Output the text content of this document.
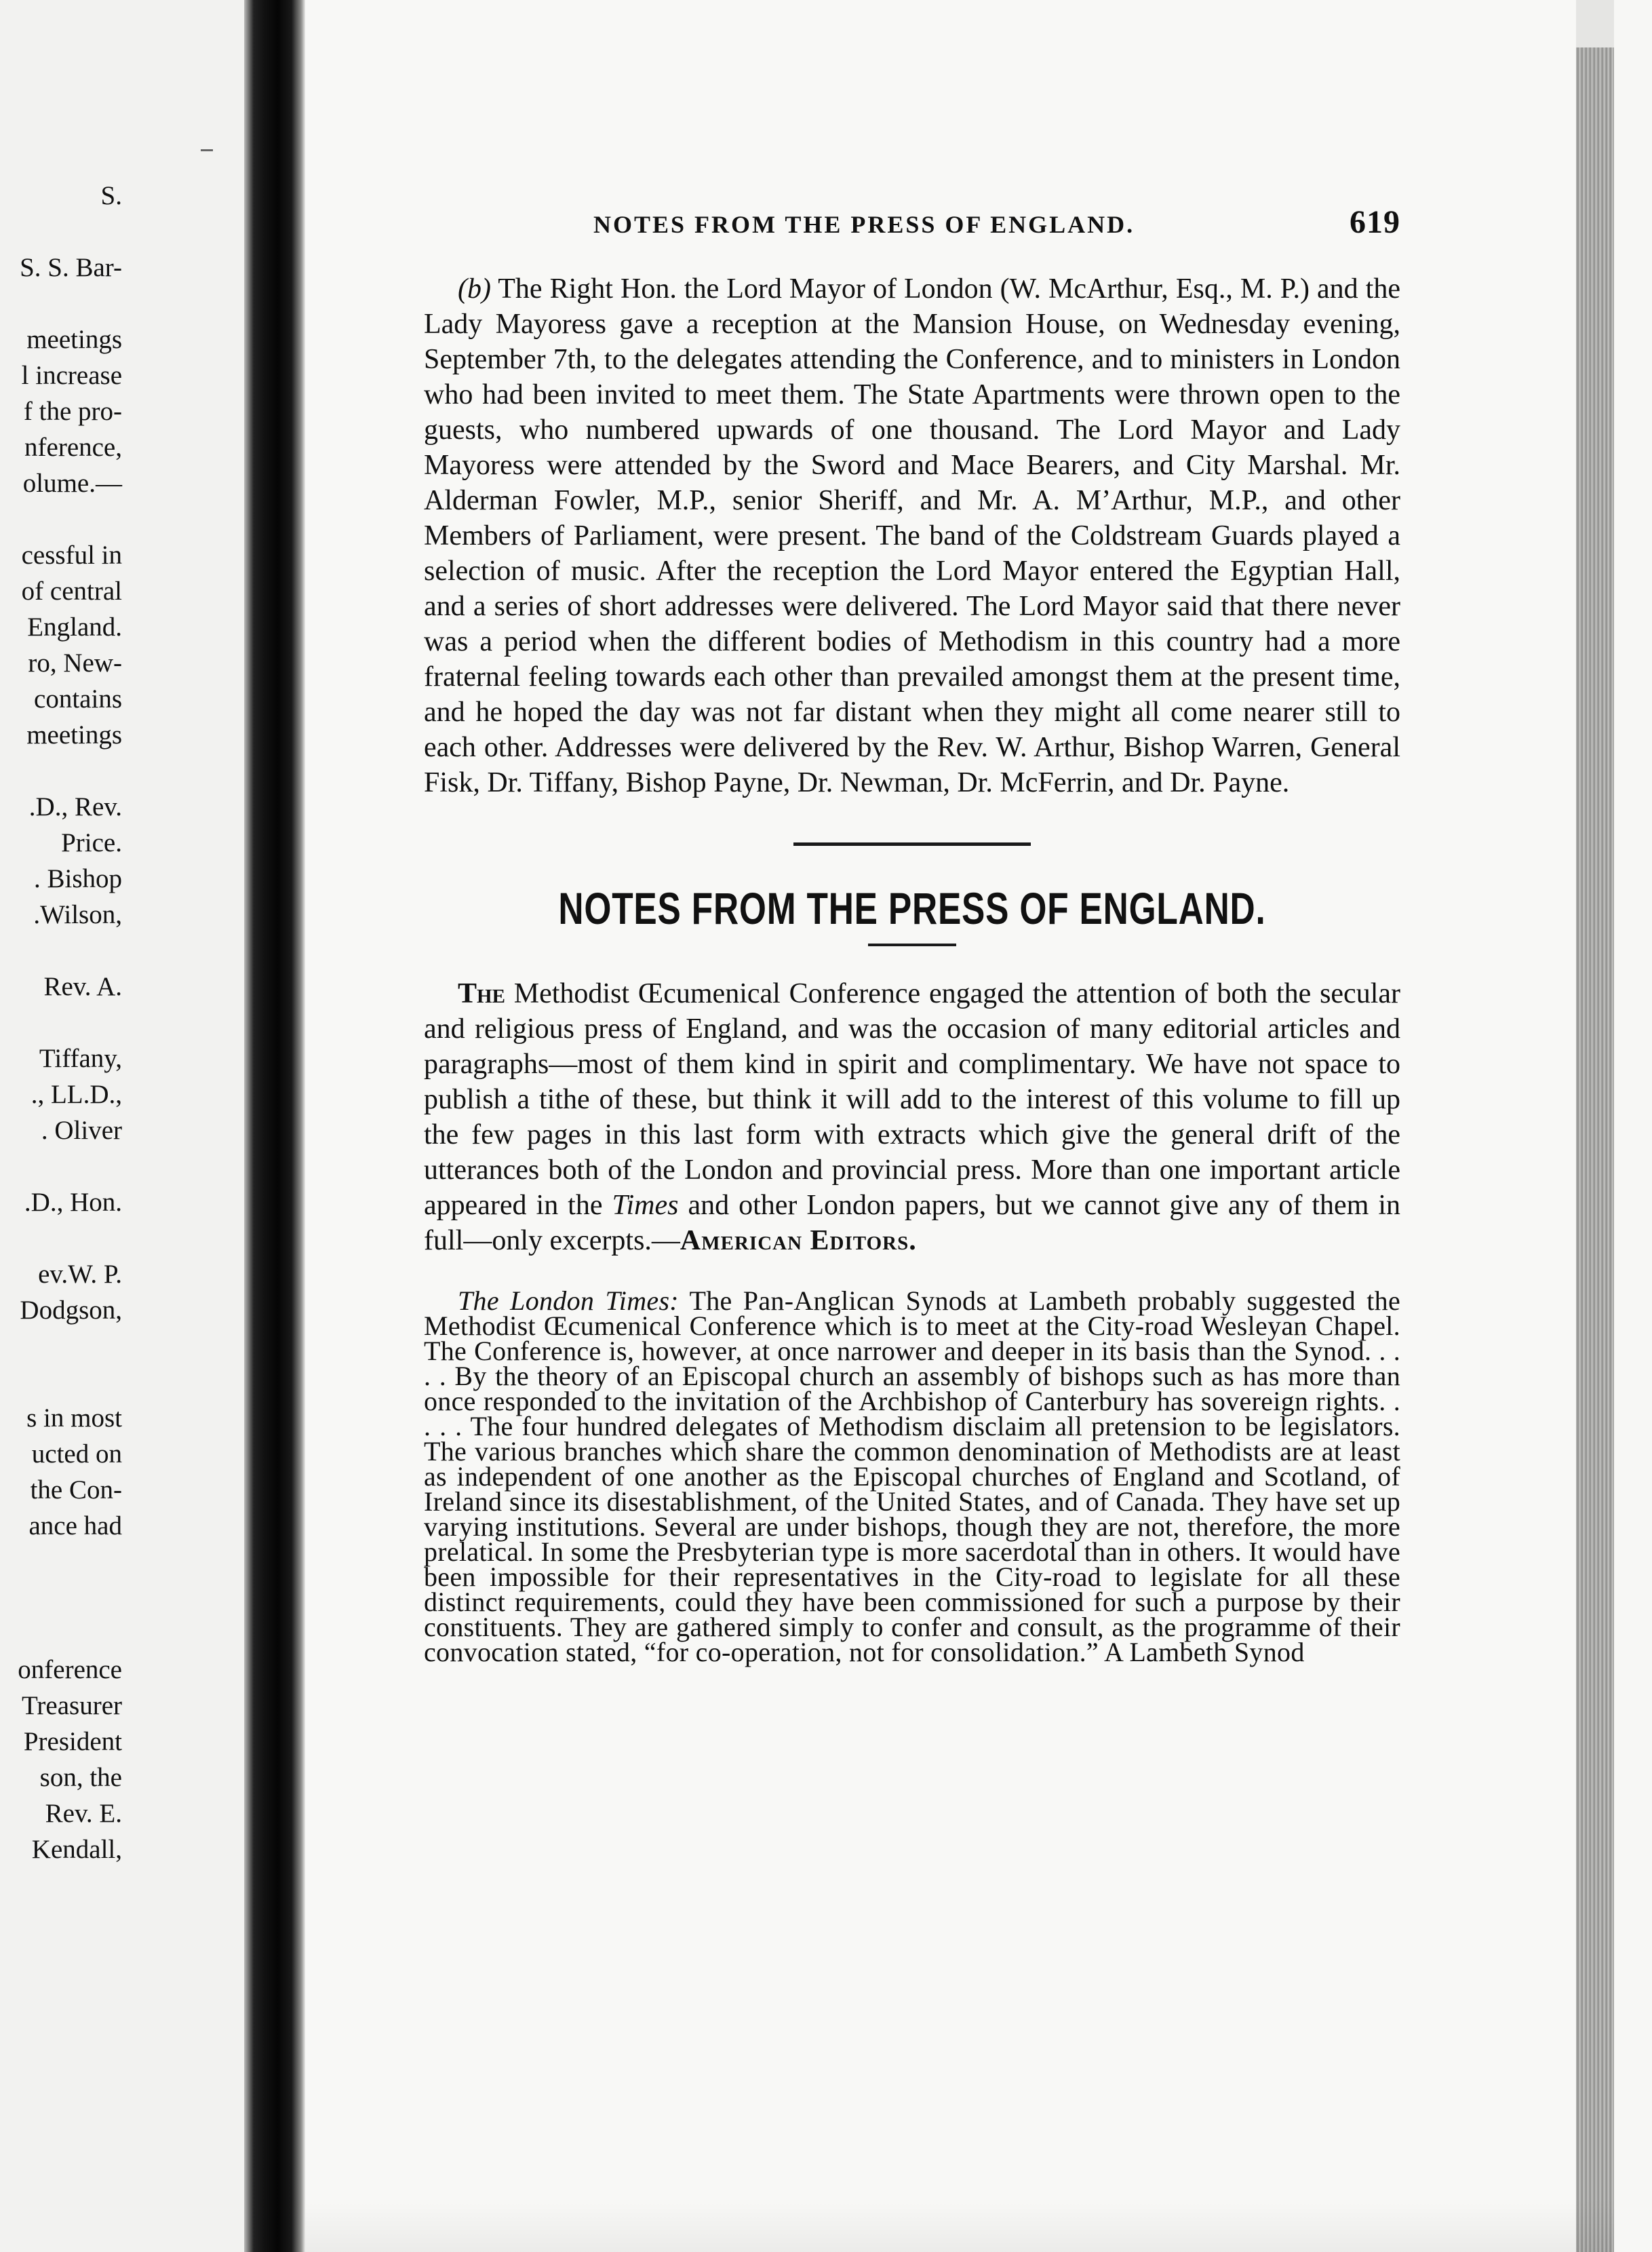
S.
S. S. Bar-
meetings
l increase
f the pro-
nference,
olume.—
cessful in
of central
England.
ro, New-
contains
meetings
.D., Rev.
Price.
. Bishop
.Wilson,
Rev. A.
Tiffany,
., LL.D.,
. Oliver
.D., Hon.
ev.W. P.
Dodgson,
s in most
ucted on
the Con-
ance had
onference
Treasurer
President
son, the
Rev. E.
Kendall,
NOTES FROM THE PRESS OF ENGLAND.	619

(b) The Right Hon. the Lord Mayor of London (W. McArthur, Esq., M. P.) and the Lady Mayoress gave a reception at the Mansion House, on Wednesday evening, September 7th, to the delegates attending the Conference, and to ministers in London who had been invited to meet them. The State Apartments were thrown open to the guests, who numbered upwards of one thousand. The Lord Mayor and Lady Mayoress were attended by the Sword and Mace Bearers, and City Marshal. Mr. Alderman Fowler, M.P., senior Sheriff, and Mr. A. M’Arthur, M.P., and other Members of Parliament, were present. The band of the Coldstream Guards played a selection of music. After the reception the Lord Mayor entered the Egyptian Hall, and a series of short addresses were delivered. The Lord Mayor said that there never was a period when the different bodies of Methodism in this country had a more fraternal feeling towards each other than prevailed amongst them at the present time, and he hoped the day was not far distant when they might all come nearer still to each other. Addresses were delivered by the Rev. W. Arthur, Bishop Warren, General Fisk, Dr. Tiffany, Bishop Payne, Dr. Newman, Dr. McFerrin, and Dr. Payne.

NOTES FROM THE PRESS OF ENGLAND.

The Methodist Œcumenical Conference engaged the attention of both the secular and religious press of England, and was the occasion of many editorial articles and paragraphs—most of them kind in spirit and complimentary. We have not space to publish a tithe of these, but think it will add to the interest of this volume to fill up the few pages in this last form with extracts which give the general drift of the utterances both of the London and provincial press. More than one important article appeared in the Times and other London papers, but we cannot give any of them in full—only excerpts.—American Editors.

The London Times: The Pan-Anglican Synods at Lambeth probably suggested the Methodist Œcumenical Conference which is to meet at the City-road Wesleyan Chapel. The Conference is, however, at once narrower and deeper in its basis than the Synod. . . . . By the theory of an Episcopal church an assembly of bishops such as has more than once responded to the invitation of the Archbishop of Canterbury has sovereign rights. . . . . The four hundred delegates of Methodism disclaim all pretension to be legislators. The various branches which share the common denomination of Methodists are at least as independent of one another as the Episcopal churches of England and Scotland, of Ireland since its disestablishment, of the United States, and of Canada. They have set up varying institutions. Several are under bishops, though they are not, therefore, the more prelatical. In some the Presbyterian type is more sacerdotal than in others. It would have been impossible for their representatives in the City-road to legislate for all these distinct requirements, could they have been commissioned for such a purpose by their constituents. They are gathered simply to confer and consult, as the programme of their convocation stated, “for co-operation, not for consolidation.” A Lambeth Synod
